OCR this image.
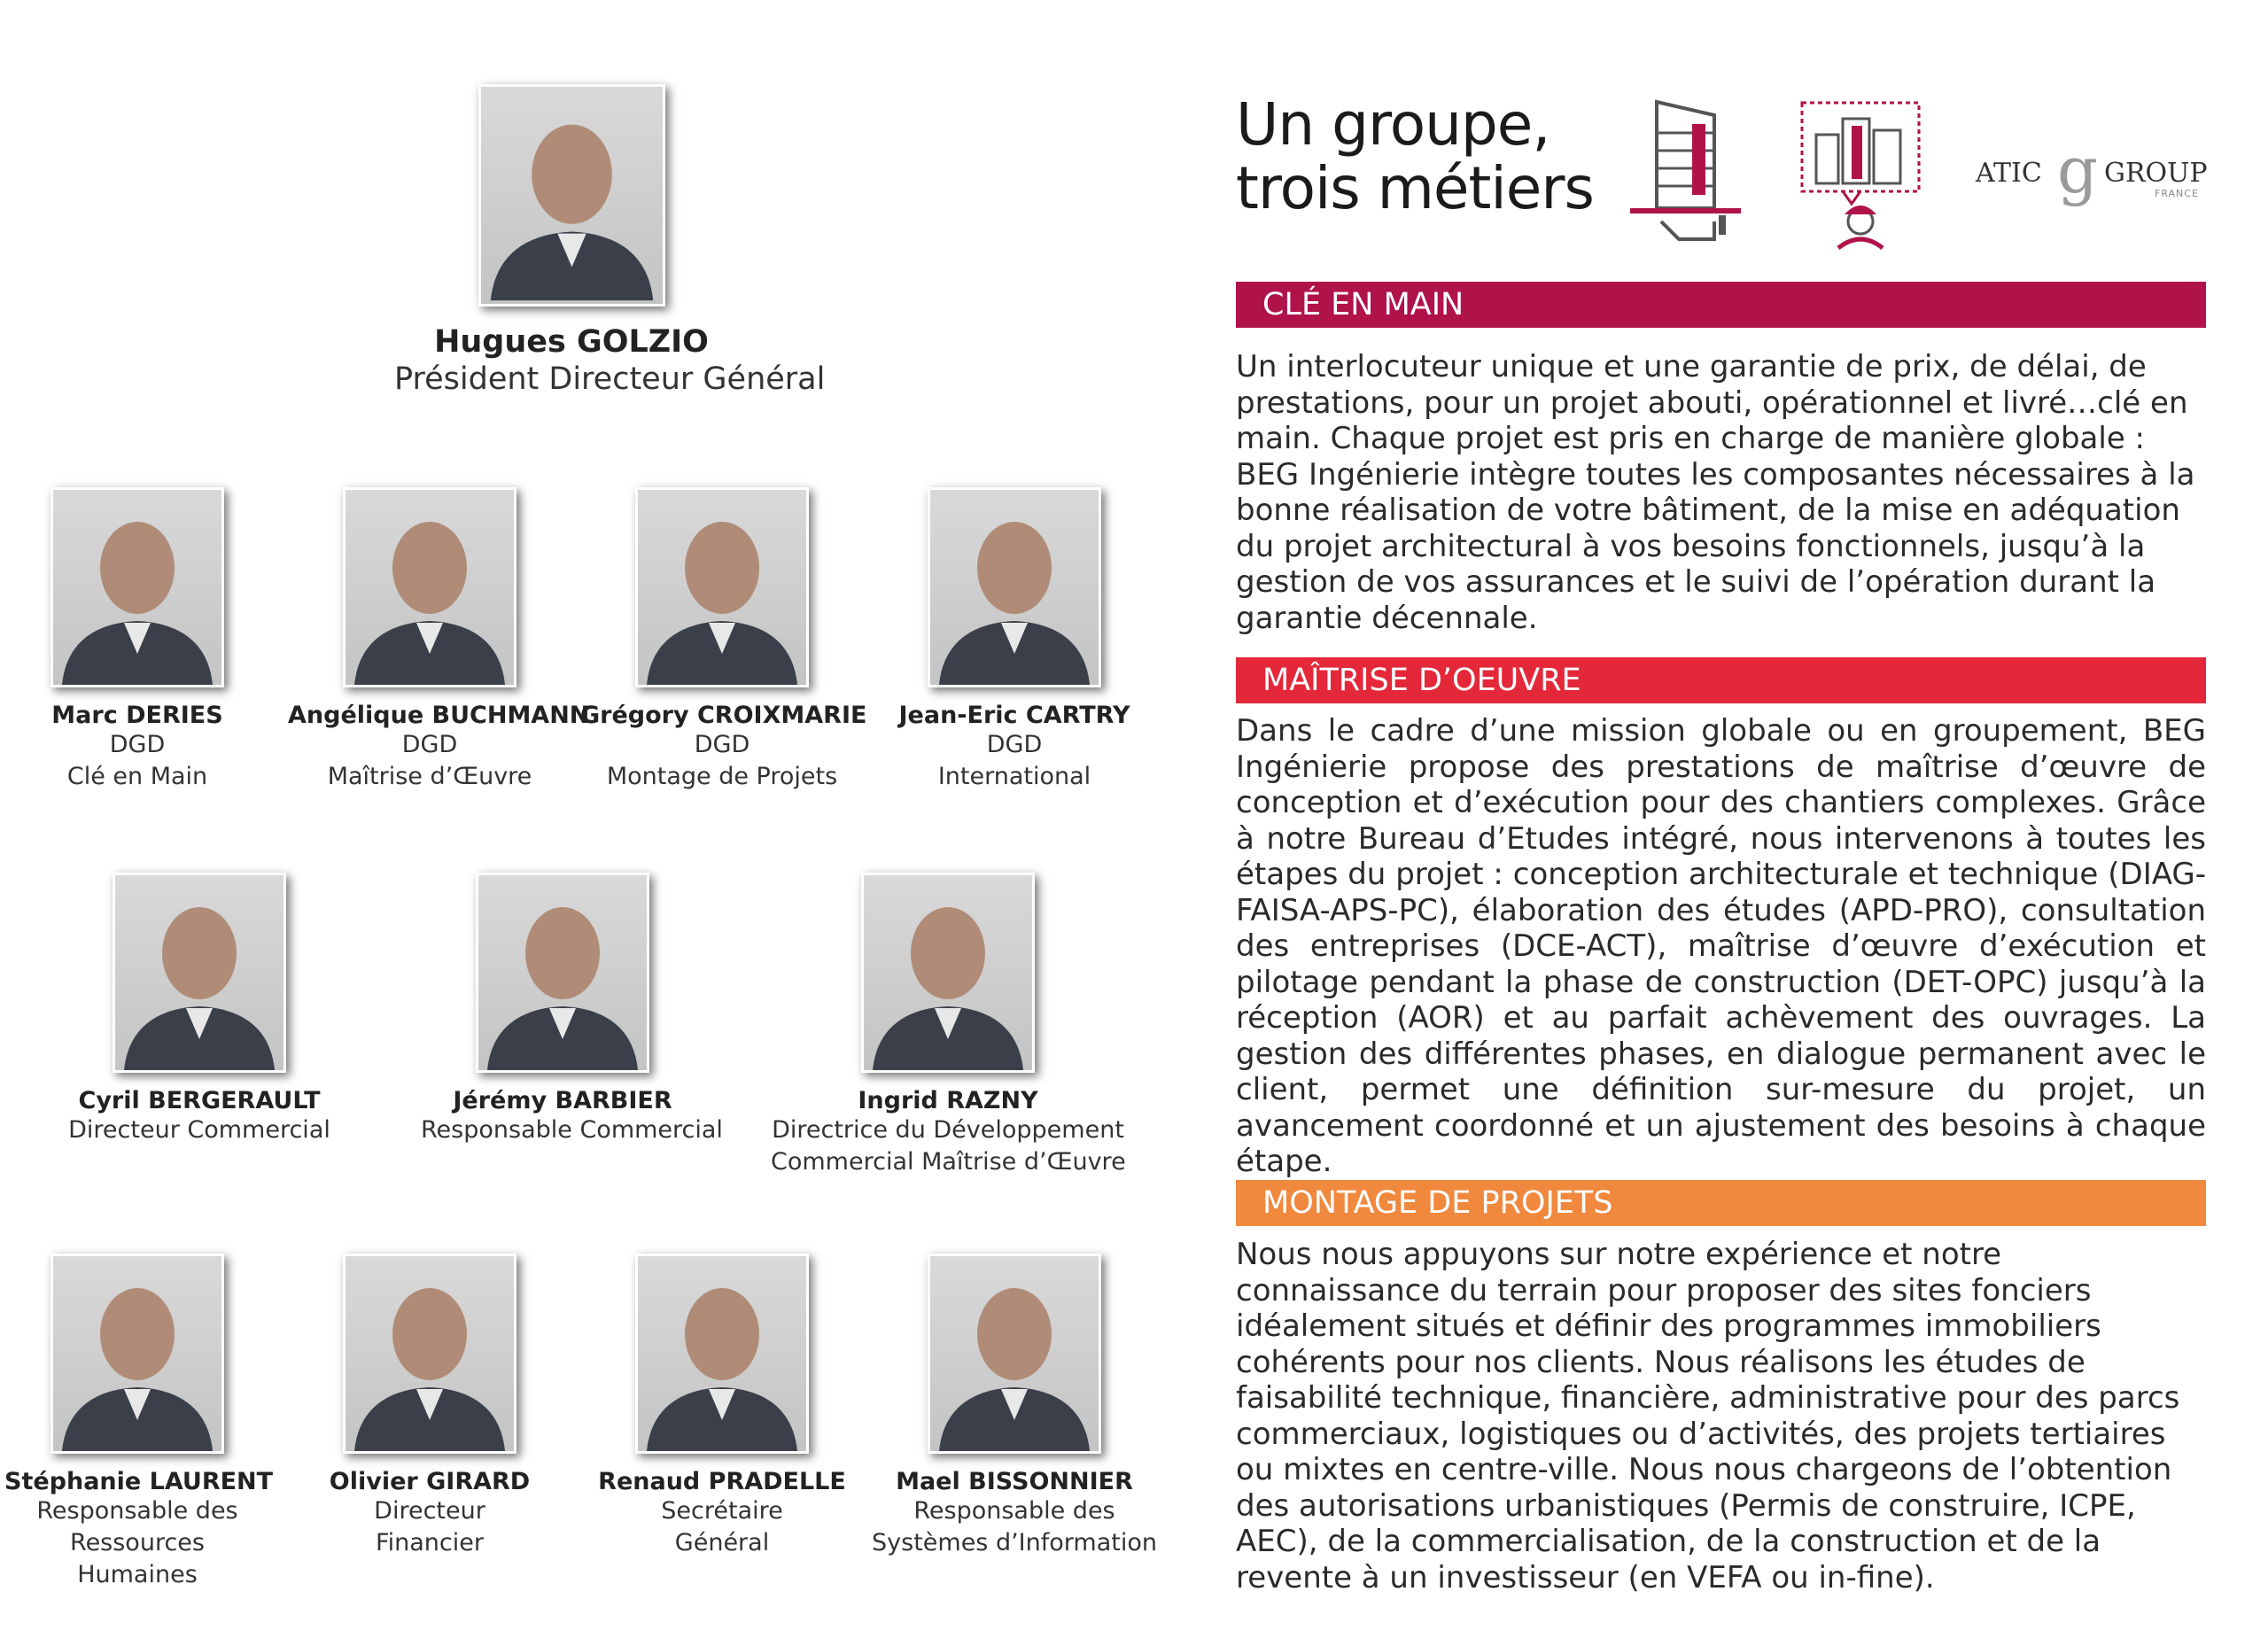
Hugues GOLZIO
Président Directeur Général
Marc DERIES
DGD
Clé en Main
Angélique BUCHMANN
DGD
Maîtrise d’Œuvre
Grégory CROIXMARIE
DGD
Montage de Projets
Jean-Eric CARTRY
DGD
International
Cyril BERGERAULT
Directeur Commercial
Jérémy BARBIER
Responsable Commercial
Ingrid RAZNY
Directrice du Développement
Commercial Maîtrise d’Œuvre
Stéphanie LAURENT
Responsable des
Ressources
Humaines
Olivier GIRARD
Directeur
Financier
Renaud PRADELLE
Secrétaire
Général
Mael BISSONNIER
Responsable des
Systèmes d’Information
Un groupe,
trois métiers	ATIC g GROUP
FRANCE
CLÉ EN MAIN
Un interlocuteur unique et une garantie de prix, de délai, de prestations, pour un projet abouti, opérationnel et livré…clé en main. Chaque projet est pris en charge de manière globale : BEG Ingénierie intègre toutes les composantes nécessaires à la bonne réalisation de votre bâtiment, de la mise en adéquation du projet architectural à vos besoins fonctionnels, jusqu’à la gestion de vos assurances et le suivi de l’opération durant la garantie décennale.
MAÎTRISE D’OEUVRE
Dans le cadre d’une mission globale ou en groupement, BEG Ingénierie propose des prestations de maîtrise d’œuvre de conception et d’exécution pour des chantiers complexes. Grâce à notre Bureau d’Etudes intégré, nous intervenons à toutes les étapes du projet : conception architecturale et technique (DIAG-FAISA-APS-PC), élaboration des études (APD-PRO), consultation des entreprises (DCE-ACT), maîtrise d’œuvre d’exécution et pilotage pendant la phase de construction (DET-OPC) jusqu’à la réception (AOR) et au parfait achèvement des ouvrages. La gestion des différentes phases, en dialogue permanent avec le client, permet une définition sur-mesure du projet, un avancement coordonné et un ajustement des besoins à chaque étape.
MONTAGE DE PROJETS
Nous nous appuyons sur notre expérience et notre connaissance du terrain pour proposer des sites fonciers idéalement situés et définir des programmes immobiliers cohérents pour nos clients. Nous réalisons les études de faisabilité technique, financière, administrative pour des parcs commerciaux, logistiques ou d’activités, des projets tertiaires ou mixtes en centre-ville. Nous nous chargeons de l’obtention des autorisations urbanistiques (Permis de construire, ICPE, AEC), de la commercialisation, de la construction et de la revente à un investisseur (en VEFA ou in-fine).
